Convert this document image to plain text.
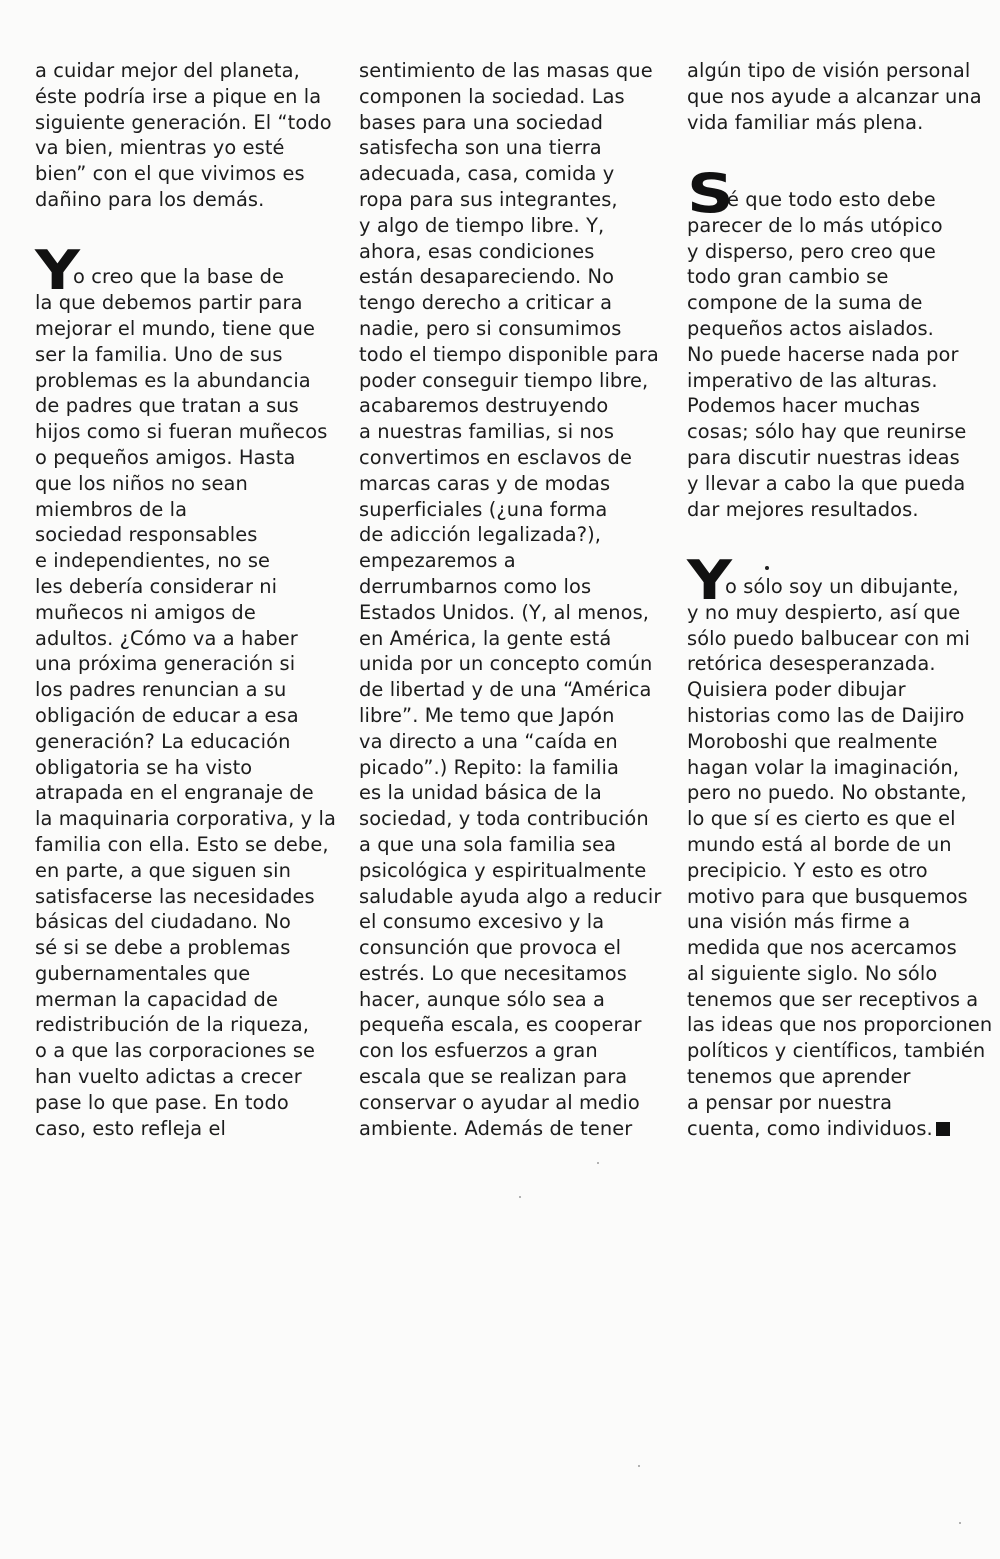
a cuidar mejor del planeta,
éste podría irse a pique en la
siguiente generación. El “todo
va bien, mientras yo esté
bien” con el que vivimos es
dañino para los demás.
Y
o creo que la base de
la que debemos partir para
mejorar el mundo, tiene que
ser la familia. Uno de sus
problemas es la abundancia
de padres que tratan a sus
hijos como si fueran muñecos
o pequeños amigos. Hasta
que los niños no sean
miembros de la
sociedad responsables
e independientes, no se
les debería considerar ni
muñecos ni amigos de
adultos. ¿Cómo va a haber
una próxima generación si
los padres renuncian a su
obligación de educar a esa
generación? La educación
obligatoria se ha visto
atrapada en el engranaje de
la maquinaria corporativa, y la
familia con ella. Esto se debe,
en parte, a que siguen sin
satisfacerse las necesidades
básicas del ciudadano. No
sé si se debe a problemas
gubernamentales que
merman la capacidad de
redistribución de la riqueza,
o a que las corporaciones se
han vuelto adictas a crecer
pase lo que pase. En todo
caso, esto refleja el
sentimiento de las masas que
componen la sociedad. Las
bases para una sociedad
satisfecha son una tierra
adecuada, casa, comida y
ropa para sus integrantes,
y algo de tiempo libre. Y,
ahora, esas condiciones
están desapareciendo. No
tengo derecho a criticar a
nadie, pero si consumimos
todo el tiempo disponible para
poder conseguir tiempo libre,
acabaremos destruyendo
a nuestras familias, si nos
convertimos en esclavos de
marcas caras y de modas
superficiales (¿una forma
de adicción legalizada?),
empezaremos a
derrumbarnos como los
Estados Unidos. (Y, al menos,
en América, la gente está
unida por un concepto común
de libertad y de una “América
libre”. Me temo que Japón
va directo a una “caída en
picado”.) Repito: la familia
es la unidad básica de la
sociedad, y toda contribución
a que una sola familia sea
psicológica y espiritualmente
saludable ayuda algo a reducir
el consumo excesivo y la
consunción que provoca el
estrés. Lo que necesitamos
hacer, aunque sólo sea a
pequeña escala, es cooperar
con los esfuerzos a gran
escala que se realizan para
conservar o ayudar al medio
ambiente. Además de tener
algún tipo de visión personal
que nos ayude a alcanzar una
vida familiar más plena.
S
é que todo esto debe
parecer de lo más utópico
y disperso, pero creo que
todo gran cambio se
compone de la suma de
pequeños actos aislados.
No puede hacerse nada por
imperativo de las alturas.
Podemos hacer muchas
cosas; sólo hay que reunirse
para discutir nuestras ideas
y llevar a cabo la que pueda
dar mejores resultados.
Y
o sólo soy un dibujante,
y no muy despierto, así que
sólo puedo balbucear con mi
retórica desesperanzada.
Quisiera poder dibujar
historias como las de Daijiro
Moroboshi que realmente
hagan volar la imaginación,
pero no puedo. No obstante,
lo que sí es cierto es que el
mundo está al borde de un
precipicio. Y esto es otro
motivo para que busquemos
una visión más firme a
medida que nos acercamos
al siguiente siglo. No sólo
tenemos que ser receptivos a
las ideas que nos proporcionen
políticos y científicos, también
tenemos que aprender
a pensar por nuestra
cuenta, como individuos.
